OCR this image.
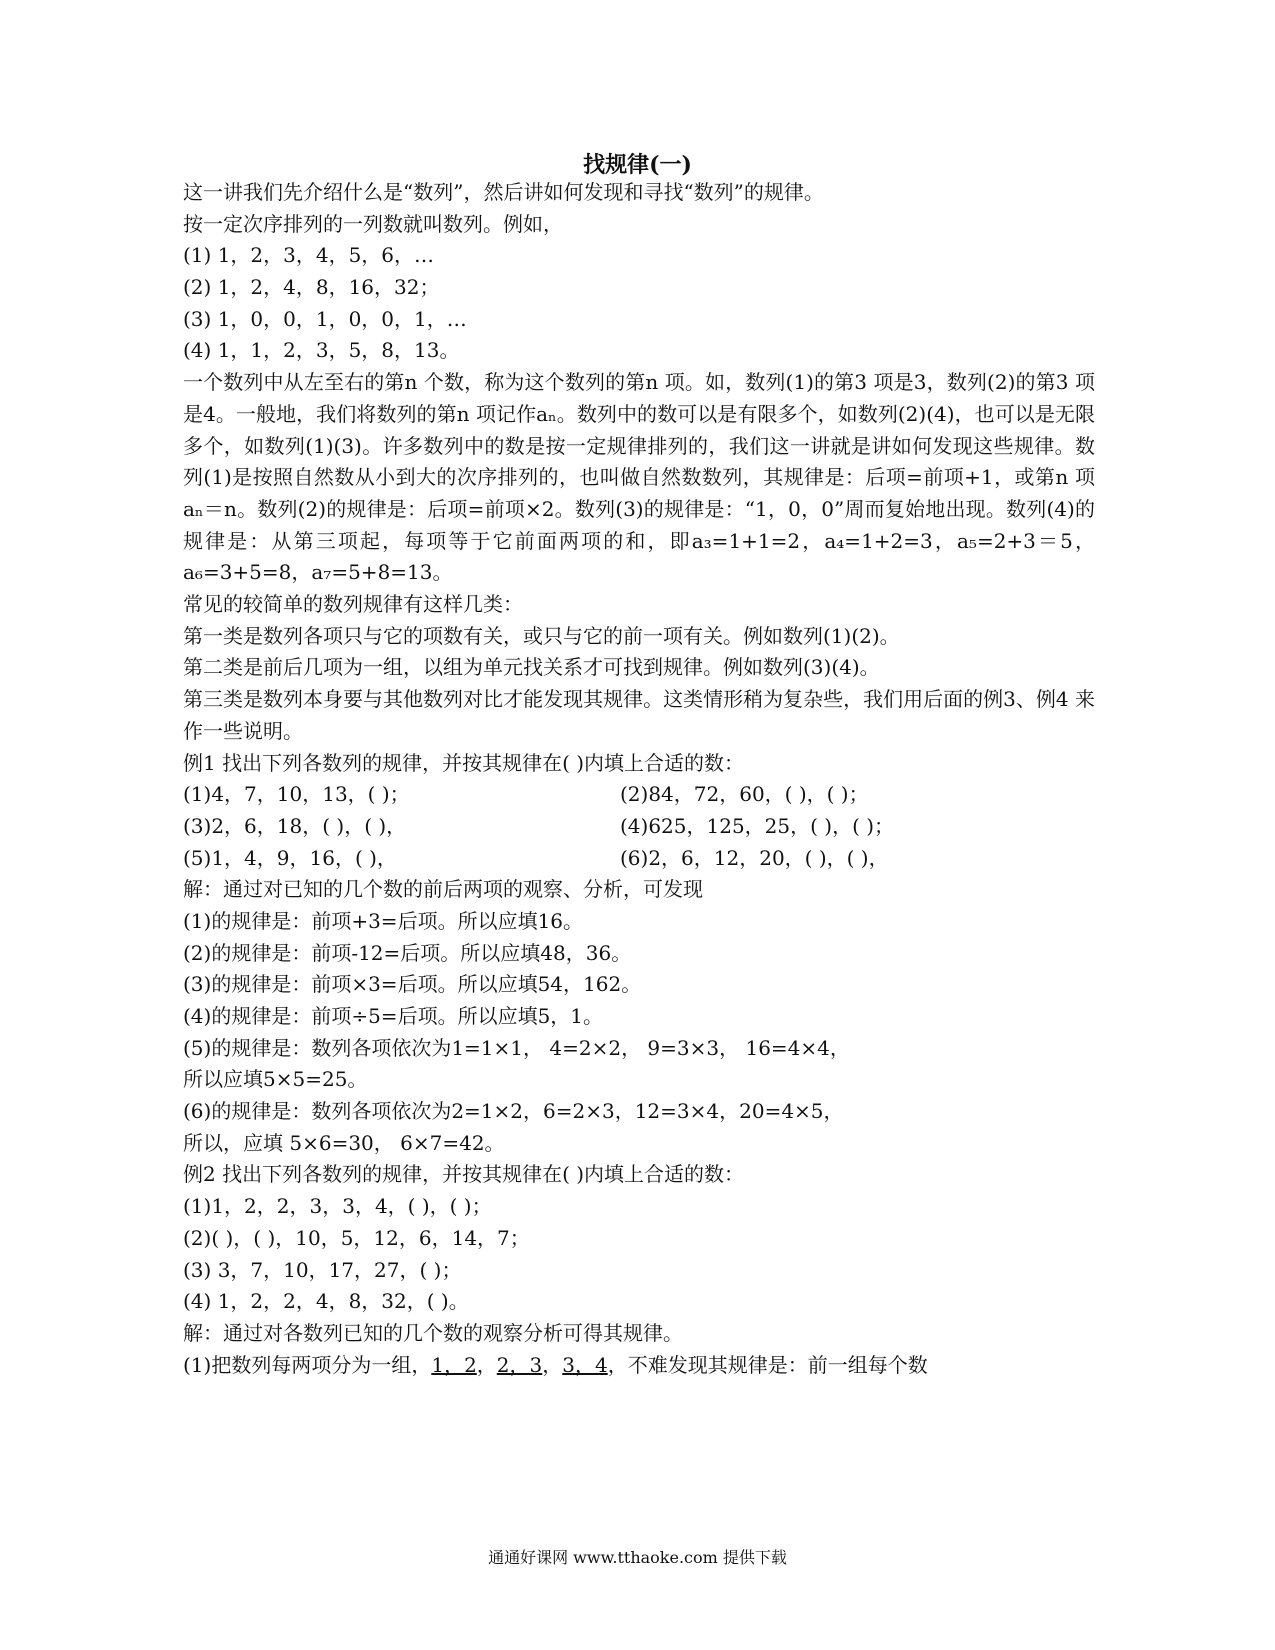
找规律(一)
这一讲我们先介绍什么是“数列”，然后讲如何发现和寻找“数列”的规律。
按一定次序排列的一列数就叫数列。例如，
(1) 1，2，3，4，5，6，…
(2) 1，2，4，8，16，32；
(3) 1，0，0，1，0，0，1，…
(4) 1，1，2，3，5，8，13。
一个数列中从左至右的第n 个数，称为这个数列的第n 项。如，数列(1)的第3 项是3，数列(2)的第3 项是4。一般地，我们将数列的第n 项记作aₙ。数列中的数可以是有限多个，如数列(2)(4)，也可以是无限多个，如数列(1)(3)。许多数列中的数是按一定规律排列的，我们这一讲就是讲如何发现这些规律。数列(1)是按照自然数从小到大的次序排列的，也叫做自然数数列，其规律是：后项=前项+1，或第n 项aₙ＝n。数列(2)的规律是：后项=前项×2。数列(3)的规律是：“1，0，0”周而复始地出现。数列(4)的规律是：从第三项起，每项等于它前面两项的和，即a₃=1+1=2，a₄=1+2=3，a₅=2+3＝5，a₆=3+5=8，a₇=5+8=13。
常见的较简单的数列规律有这样几类：
第一类是数列各项只与它的项数有关，或只与它的前一项有关。例如数列(1)(2)。
第二类是前后几项为一组，以组为单元找关系才可找到规律。例如数列(3)(4)。
第三类是数列本身要与其他数列对比才能发现其规律。这类情形稍为复杂些，我们用后面的例3、例4 来作一些说明。
例1 找出下列各数列的规律，并按其规律在( )内填上合适的数：
(1)4，7，10，13，( )；	(2)84，72，60，( )，( )；
(3)2，6，18，( )，( )，	(4)625，125，25，( )，( )；
(5)1，4，9，16，( )，	(6)2，6，12，20，( )，( )，
解：通过对已知的几个数的前后两项的观察、分析，可发现
(1)的规律是：前项+3=后项。所以应填16。
(2)的规律是：前项-12=后项。所以应填48，36。
(3)的规律是：前项×3=后项。所以应填54，162。
(4)的规律是：前项÷5=后项。所以应填5，1。
(5)的规律是：数列各项依次为1=1×1， 4=2×2， 9=3×3， 16=4×4，
所以应填5×5=25。
(6)的规律是：数列各项依次为2=1×2，6=2×3，12=3×4，20=4×5，
所以，应填 5×6=30， 6×7=42。
例2 找出下列各数列的规律，并按其规律在( )内填上合适的数：
(1)1，2，2，3，3，4，( )，( )；
(2)( )，( )，10，5，12，6，14，7；
(3) 3，7，10，17，27，( )；
(4) 1，2，2，4，8，32，( )。
解：通过对各数列已知的几个数的观察分析可得其规律。
(1)把数列每两项分为一组，1，2，2，3，3，4，不难发现其规律是：前一组每个数
通通好课网 www.tthaoke.com 提供下载
